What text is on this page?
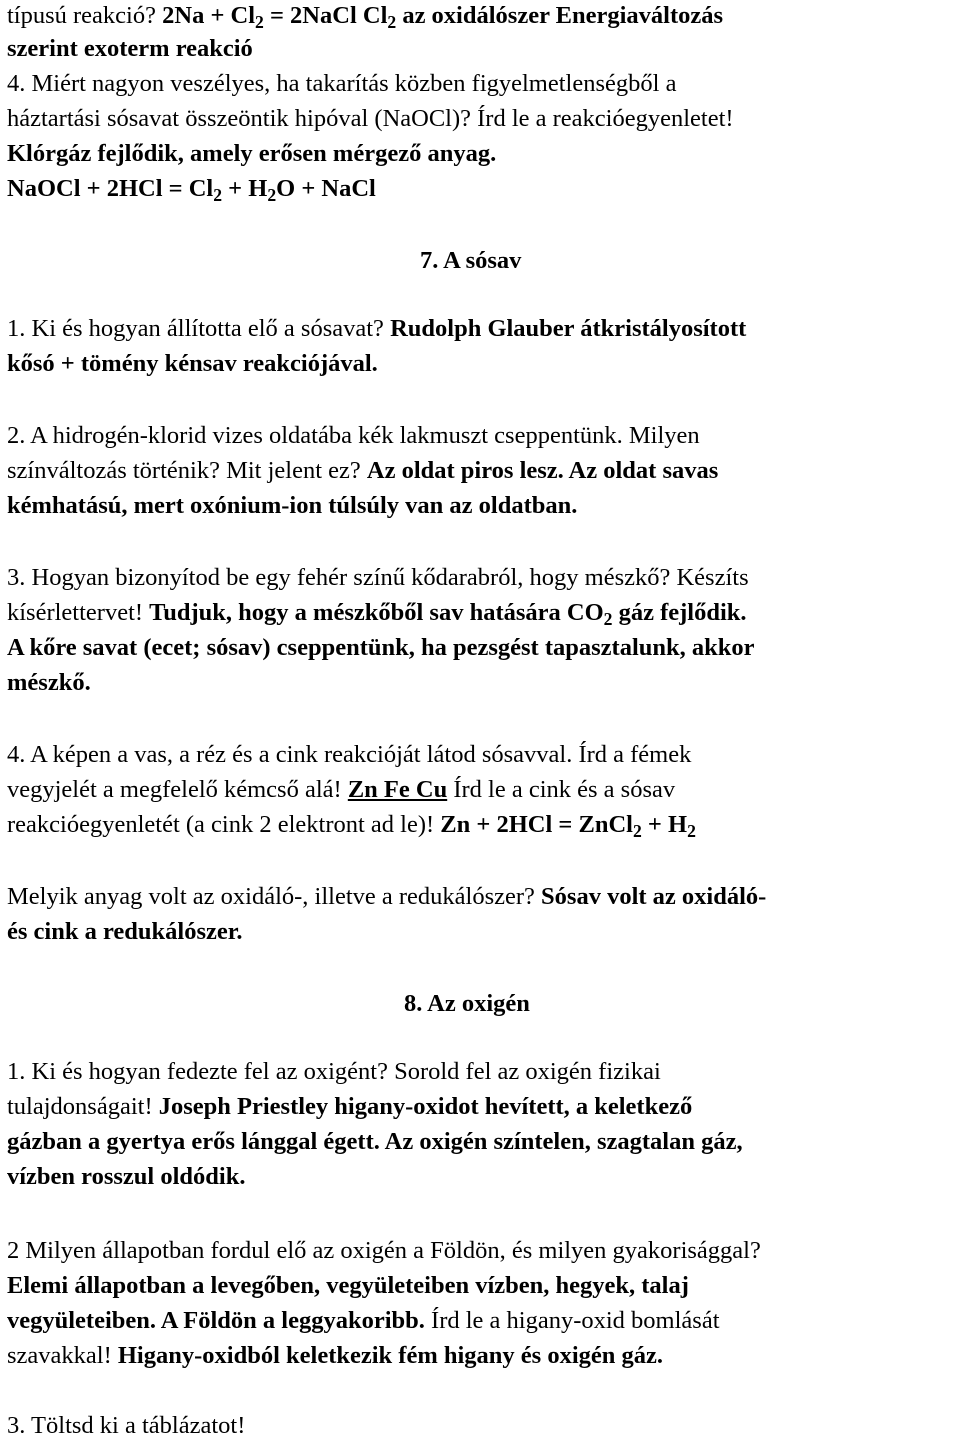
típusú reakció? $2Na + Cl_2$ = 2NaCl $Cl_2$ az oxidálószer Energiaváltozás
szerint exoterm reakció
4. Miért nagyon veszélyes, ha takarítás közben figyelmetlenségből a
háztartási sósavat összeöntik hipóval (NaOCl)? Írd le a reakcióegyenletet!
Klórgáz fejlődik, amely erősen mérgező anyag.
NaOCl + $2HCl = Cl_2 + H_2O$ + NaCl
7. A sósav
1. Ki és hogyan állította elő a sósavat? Rudolph Glauber átkristályosított
kősó + tömény kénsav reakciójával.
2. A hidrogén-klorid vizes oldatába kék lakmuszt cseppentünk. Milyen
színváltozás történik? Mit jelent ez? Az oldat piros lesz. Az oldat savas
kémhatású, mert oxónium-ion túlsúly van az oldatban.
3. Hogyan bizonyítod be egy fehér színű kődarabról, hogy mészkő? Készíts
kísérlettervet! Tudjuk, hogy a mészkőből sav hatására $CO_2$ gáz fejlődik.
A kőre savat (ecet; sósav) cseppentünk, ha pezsgést tapasztalunk, akkor
mészkő.
4. A képen a vas, a réz és a cink reakcióját látod sósavval. Írd a fémek
vegyjelét a megfelelő kémcső alá! Zn Fe Cu Írd le a cink és a sósav
reakcióegyenletét (a cink 2 elektront ad le)! Zn + 2HCl = ZnCl$_2$ + $H_2$
Melyik anyag volt az oxidáló-, illetve a redukálószer? Sósav volt az oxidáló-
és cink a redukálószer.
8. Az oxigén
1. Ki és hogyan fedezte fel az oxigént? Sorold fel az oxigén fizikai
tulajdonságait! Joseph Priestley higany-oxidot hevített, a keletkező
gázban a gyertya erős lánggal égett. Az oxigén színtelen, szagtalan gáz,
vízben rosszul oldódik.
2 Milyen állapotban fordul elő az oxigén a Földön, és milyen gyakorisággal?
Elemi állapotban a levegőben, vegyületeiben vízben, hegyek, talaj
vegyületeiben. A Földön a leggyakoribb. Írd le a higany-oxid bomlását
szavakkal! Higany-oxidból keletkezik fém higany és oxigén gáz.
3. Töltsd ki a táblázatot!
